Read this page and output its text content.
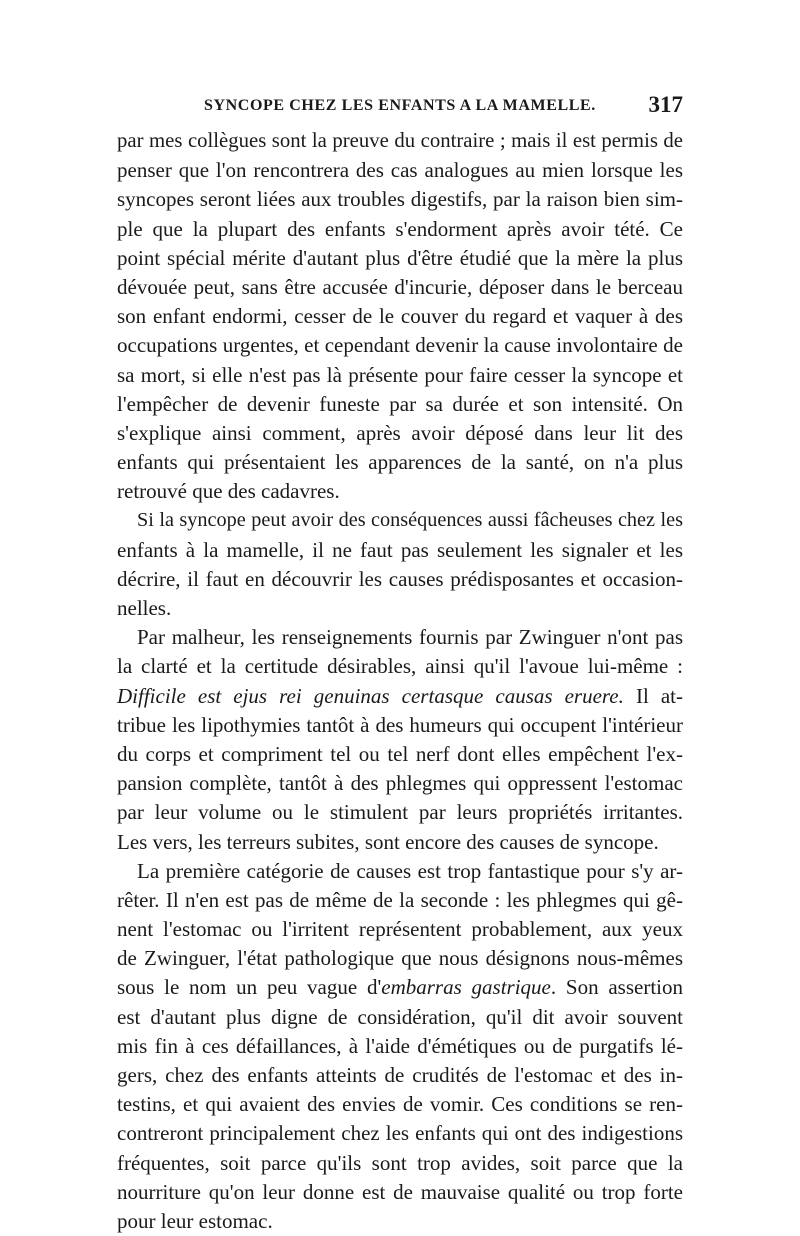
SYNCOPE CHEZ LES ENFANTS A LA MAMELLE. 317
par mes collègues sont la preuve du contraire ; mais il est permis de
penser que l'on rencontrera des cas analogues au mien lorsque les
syncopes seront liées aux troubles digestifs, par la raison bien sim-
ple que la plupart des enfants s'endorment après avoir tété. Ce
point spécial mérite d'autant plus d'être étudié que la mère la plus
dévouée peut, sans être accusée d'incurie, déposer dans le berceau
son enfant endormi, cesser de le couver du regard et vaquer à des
occupations urgentes, et cependant devenir la cause involontaire de
sa mort, si elle n'est pas là présente pour faire cesser la syncope et
l'empêcher de devenir funeste par sa durée et son intensité. On
s'explique ainsi comment, après avoir déposé dans leur lit des
enfants qui présentaient les apparences de la santé, on n'a plus
retrouvé que des cadavres.
Si la syncope peut avoir des conséquences aussi fâcheuses chez les
enfants à la mamelle, il ne faut pas seulement les signaler et les
décrire, il faut en découvrir les causes prédisposantes et occasion-
nelles.
Par malheur, les renseignements fournis par Zwinguer n'ont pas
la clarté et la certitude désirables, ainsi qu'il l'avoue lui-même :
Difficile est ejus rei genuinas certasque causas eruere. Il at-
tribue les lipothymies tantôt à des humeurs qui occupent l'intérieur
du corps et compriment tel ou tel nerf dont elles empêchent l'ex-
pansion complète, tantôt à des phlegmes qui oppressent l'estomac
par leur volume ou le stimulent par leurs propriétés irritantes.
Les vers, les terreurs subites, sont encore des causes de syncope.
La première catégorie de causes est trop fantastique pour s'y ar-
rêter. Il n'en est pas de même de la seconde : les phlegmes qui gê-
nent l'estomac ou l'irritent représentent probablement, aux yeux
de Zwinguer, l'état pathologique que nous désignons nous-mêmes
sous le nom un peu vague d'embarras gastrique. Son assertion
est d'autant plus digne de considération, qu'il dit avoir souvent
mis fin à ces défaillances, à l'aide d'émétiques ou de purgatifs lé-
gers, chez des enfants atteints de crudités de l'estomac et des in-
testins, et qui avaient des envies de vomir. Ces conditions se ren-
contreront principalement chez les enfants qui ont des indigestions
fréquentes, soit parce qu'ils sont trop avides, soit parce que la
nourriture qu'on leur donne est de mauvaise qualité ou trop forte
pour leur estomac.
